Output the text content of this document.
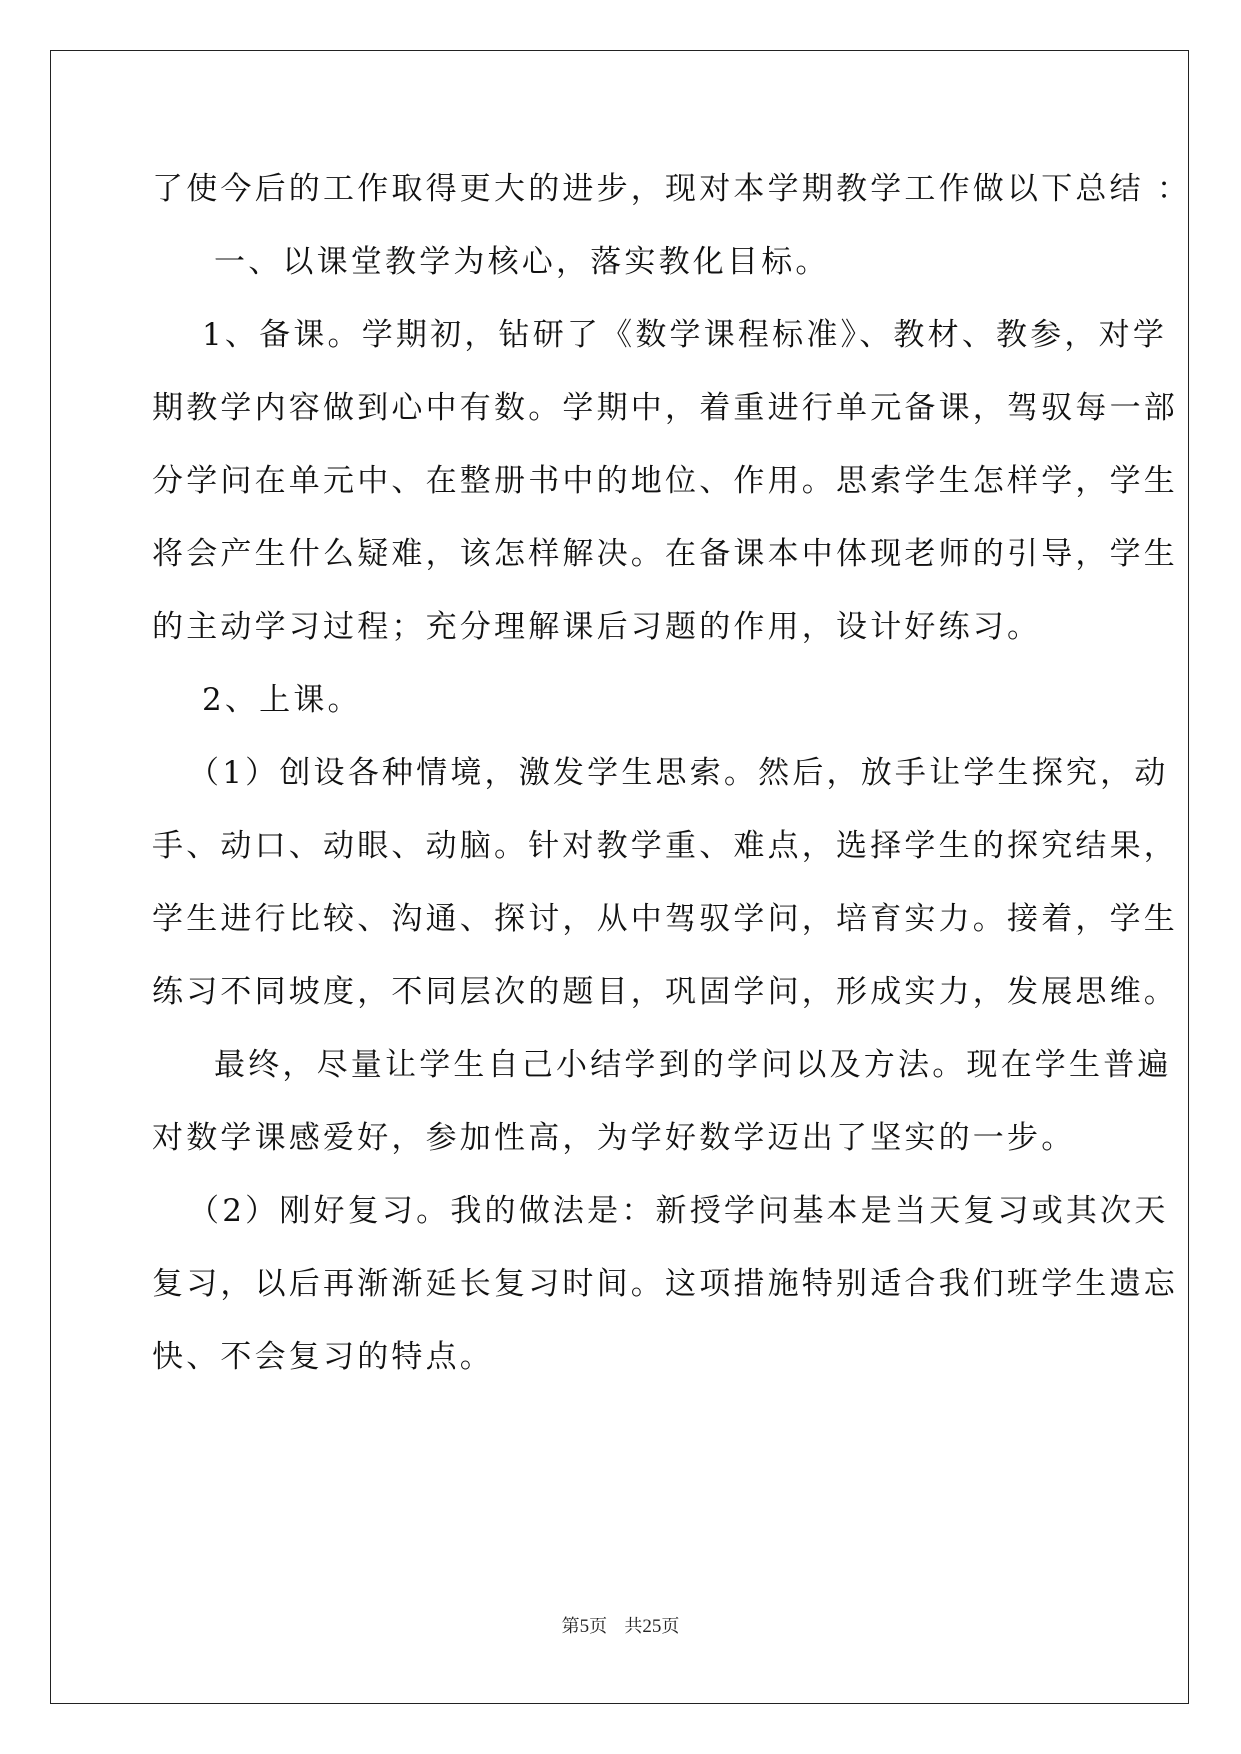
了使今后的工作取得更大的进步，现对本学期教学工作做以下总结 ：
一、以课堂教学为核心，落实教化目标。
1、备课。学期初，钻研了《数学课程标准》、教材、教参，对学
期教学内容做到心中有数。学期中，着重进行单元备课，驾驭每一部
分学问在单元中、在整册书中的地位、作用。思索学生怎样学，学生
将会产生什么疑难，该怎样解决。在备课本中体现老师的引导，学生
的主动学习过程；充分理解课后习题的作用，设计好练习。
2、上课。
（1）创设各种情境，激发学生思索。然后，放手让学生探究，动
手、动口、动眼、动脑。针对教学重、难点，选择学生的探究结果，
学生进行比较、沟通、探讨，从中驾驭学问，培育实力。接着，学生
练习不同坡度，不同层次的题目，巩固学问，形成实力，发展思维。
最终，尽量让学生自己小结学到的学问以及方法。现在学生普遍
对数学课感爱好，参加性高，为学好数学迈出了坚实的一步。
（2）刚好复习。我的做法是：新授学问基本是当天复习或其次天
复习，以后再渐渐延长复习时间。这项措施特别适合我们班学生遗忘
快、不会复习的特点。
第5页 共25页
